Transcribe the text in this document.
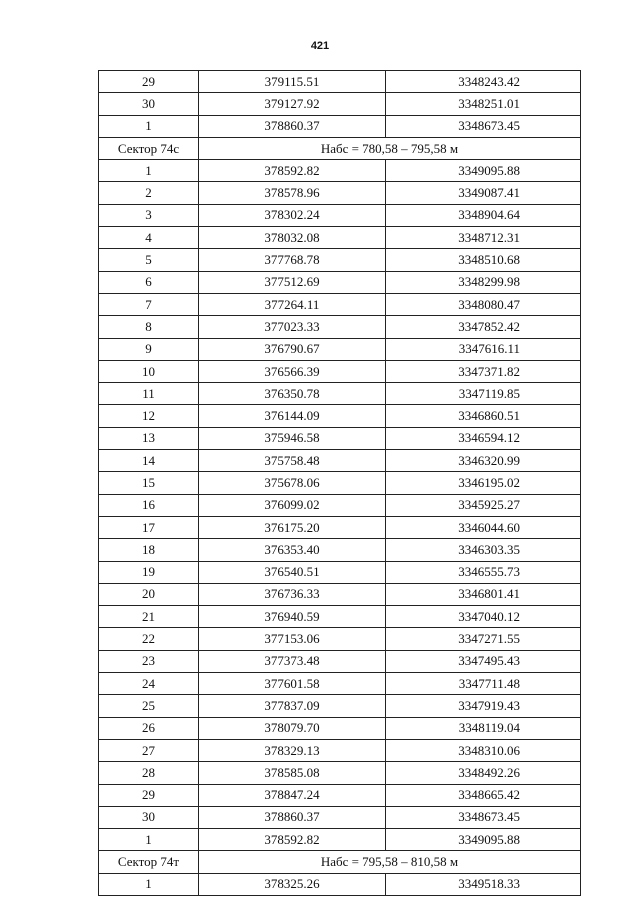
421
29	379115.51	3348243.42
30	379127.92	3348251.01
1	378860.37	3348673.45
Сектор 74с	Набс = 780,58 – 795,58 м	
1	378592.82	3349095.88
2	378578.96	3349087.41
3	378302.24	3348904.64
4	378032.08	3348712.31
5	377768.78	3348510.68
6	377512.69	3348299.98
7	377264.11	3348080.47
8	377023.33	3347852.42
9	376790.67	3347616.11
10	376566.39	3347371.82
11	376350.78	3347119.85
12	376144.09	3346860.51
13	375946.58	3346594.12
14	375758.48	3346320.99
15	375678.06	3346195.02
16	376099.02	3345925.27
17	376175.20	3346044.60
18	376353.40	3346303.35
19	376540.51	3346555.73
20	376736.33	3346801.41
21	376940.59	3347040.12
22	377153.06	3347271.55
23	377373.48	3347495.43
24	377601.58	3347711.48
25	377837.09	3347919.43
26	378079.70	3348119.04
27	378329.13	3348310.06
28	378585.08	3348492.26
29	378847.24	3348665.42
30	378860.37	3348673.45
1	378592.82	3349095.88
Сектор 74т	Набс = 795,58 – 810,58 м	
1	378325.26	3349518.33
